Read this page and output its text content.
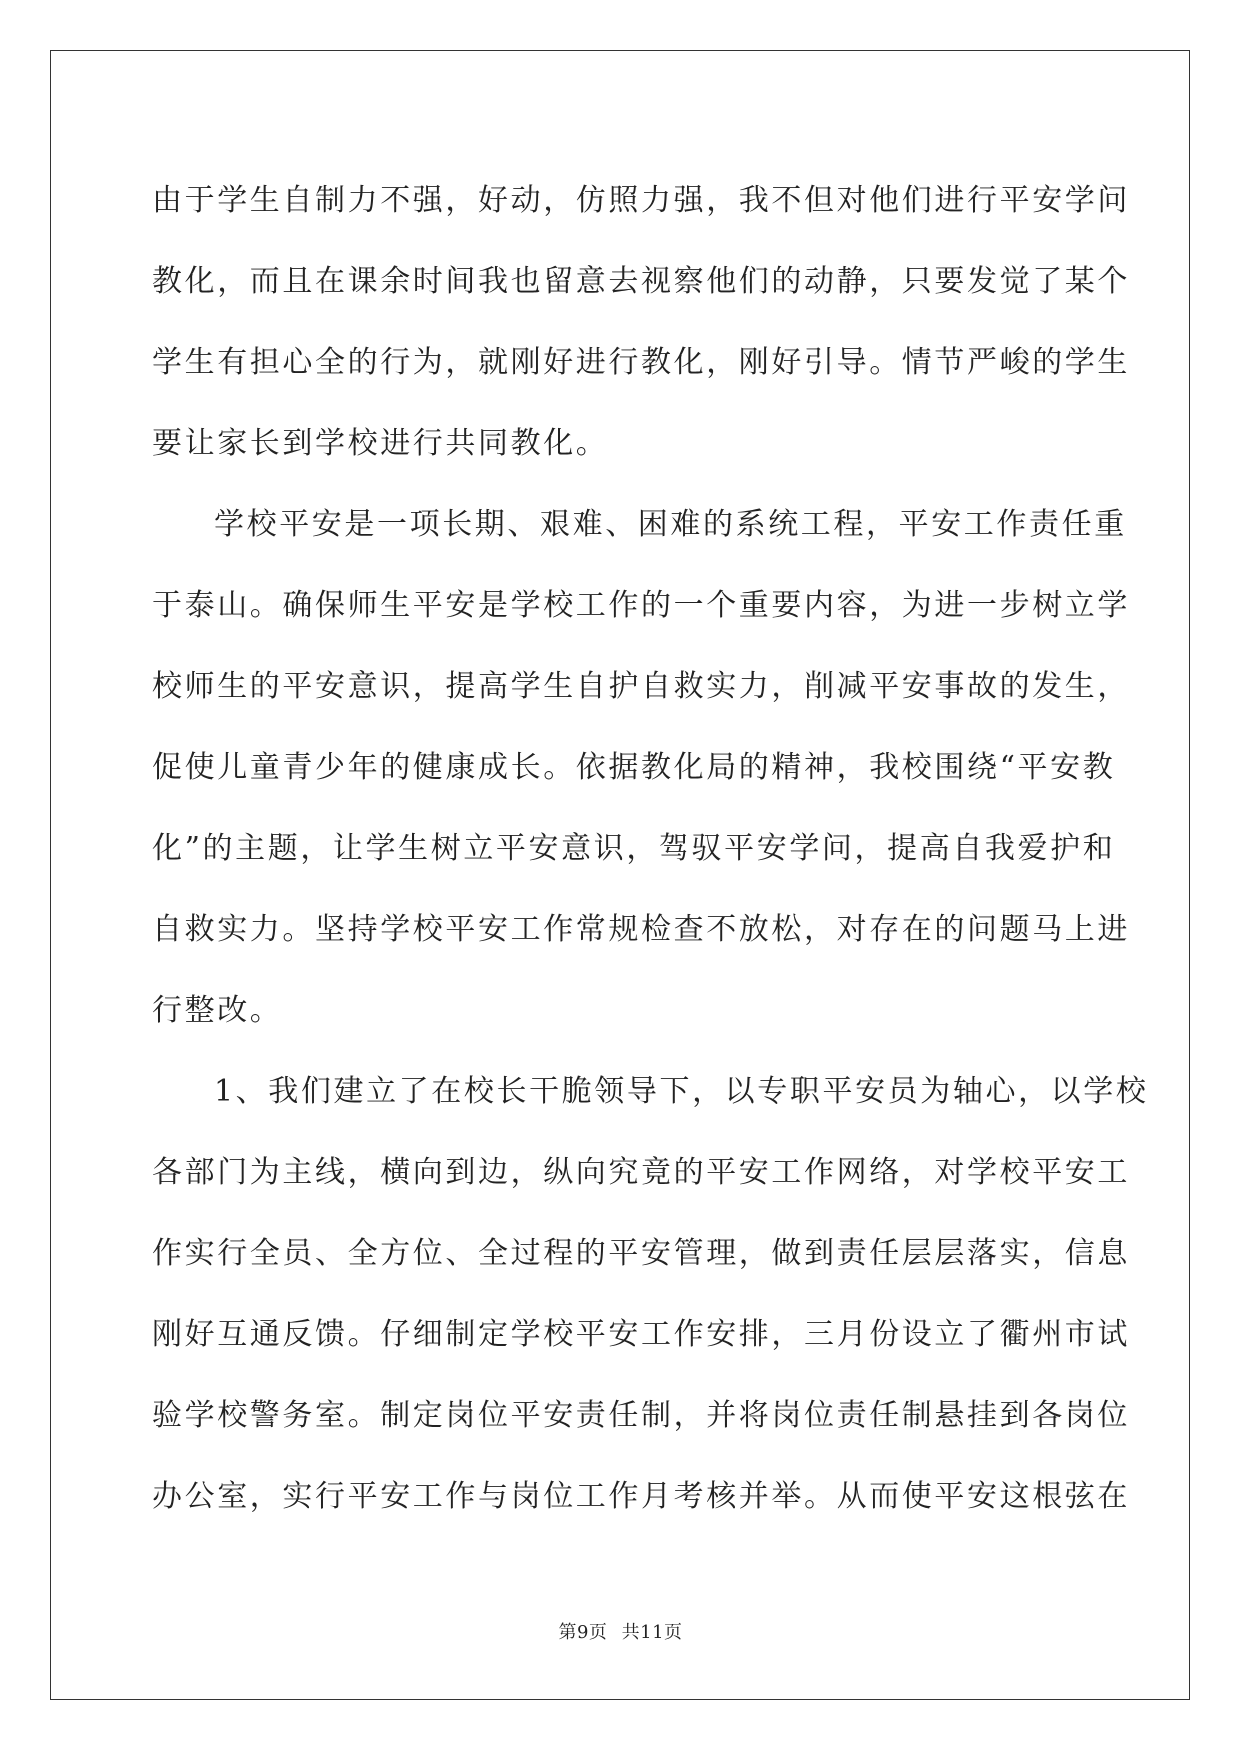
由于学生自制力不强，好动，仿照力强，我不但对他们进行平安学问
教化，而且在课余时间我也留意去视察他们的动静，只要发觉了某个
学生有担心全的行为，就刚好进行教化，刚好引导。情节严峻的学生
要让家长到学校进行共同教化。

学校平安是一项长期、艰难、困难的系统工程，平安工作责任重
于泰山。确保师生平安是学校工作的一个重要内容，为进一步树立学
校师生的平安意识，提高学生自护自救实力，削减平安事故的发生，
促使儿童青少年的健康成长。依据教化局的精神，我校围绕“平安教
化”的主题，让学生树立平安意识，驾驭平安学问，提高自我爱护和
自救实力。坚持学校平安工作常规检查不放松，对存在的问题马上进
行整改。

1、我们建立了在校长干脆领导下，以专职平安员为轴心，以学校
各部门为主线，横向到边，纵向究竟的平安工作网络，对学校平安工
作实行全员、全方位、全过程的平安管理，做到责任层层落实，信息
刚好互通反馈。仔细制定学校平安工作安排，三月份设立了衢州市试
验学校警务室。制定岗位平安责任制，并将岗位责任制悬挂到各岗位
办公室，实行平安工作与岗位工作月考核并举。从而使平安这根弦在

第9页 共11页
